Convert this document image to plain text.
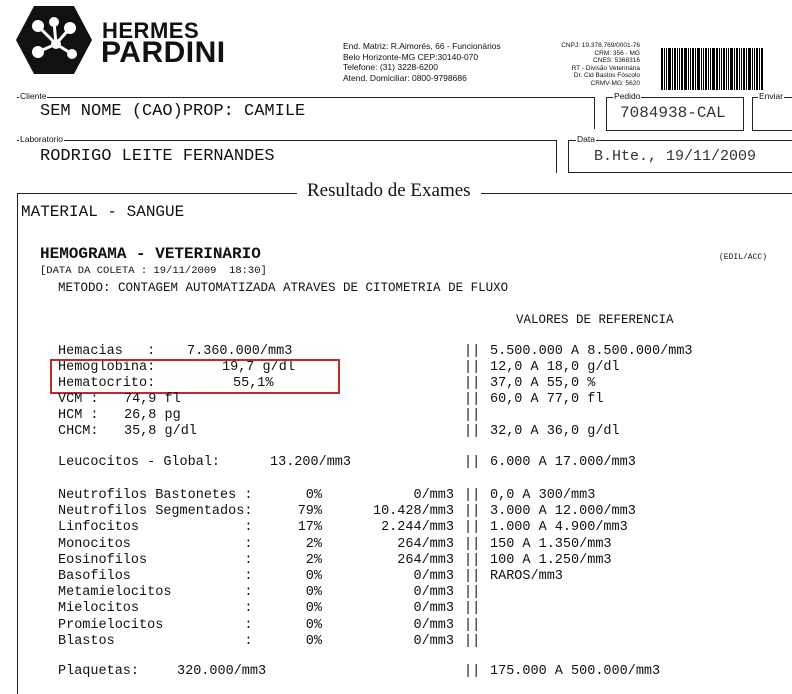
HERMES
PARDINI	End. Matriz: R.Aimorés, 66 - Funcionários
Belo Horizonte-MG CEP:30140-070
Telefone: (31) 3228-6200
Atend. Domiciliar: 0800-9798686
CNPJ: 19.378.769/0001-76
CRM: 356 - MG
CNES: 5368316
RT - Divisão Veterinária
Dr. Cid Bastos Fóscolo
CRMV-MG: 5620
Cliente
SEM NOME (CAO)PROP: CAMILE
Pedido
7084938-CAL
Enviar
Laboratorio
RODRIGO LEITE FERNANDES
Data
B.Hte., 19/11/2009
Resultado de Exames
MATERIAL - SANGUE
HEMOGRAMA - VETERINARIO	(EDIL/ACC)
[DATA DA COLETA : 19/11/2009  18:30]
METODO: CONTAGEM AUTOMATIZADA ATRAVES DE CITOMETRIA DE FLUXO
VALORES DE REFERENCIA
Hemacias   : 7.360.000/mm3	|| 5.500.000 A 8.500.000/mm3
Hemoglobina:	19,7 g/dl	|| 12,0 A 18,0 g/dl
Hematocrito:	55,1%	|| 37,0 A 55,0 %
VCM : 74,9 fl	|| 60,0 A 77,0 fl
HCM : 26,8 pg	||
CHCM: 35,8 g/dl	|| 32,0 A 36,0 g/dl
Leucocitos - Global:	13.200/mm3	|| 6.000 A 17.000/mm3
Neutrofilos Bastonetes :	0%	0/mm3 || 0,0 A 300/mm3
Neutrofilos Segmentados:	79%	10.428/mm3 || 3.000 A 12.000/mm3
Linfocitos             :	17%	2.244/mm3 || 1.000 A 4.900/mm3
Monocitos              :	2%	264/mm3 || 150 A 1.350/mm3
Eosinofilos            :	2%	264/mm3 || 100 A 1.250/mm3
Basofilos              :	0%	0/mm3 || RAROS/mm3
Metamielocitos         :	0%	0/mm3 ||
Mielocitos             :	0%	0/mm3 ||
Promielocitos          :	0%	0/mm3 ||
Blastos                :	0%	0/mm3 ||
Plaquetas:	320.000/mm3	|| 175.000 A 500.000/mm3
